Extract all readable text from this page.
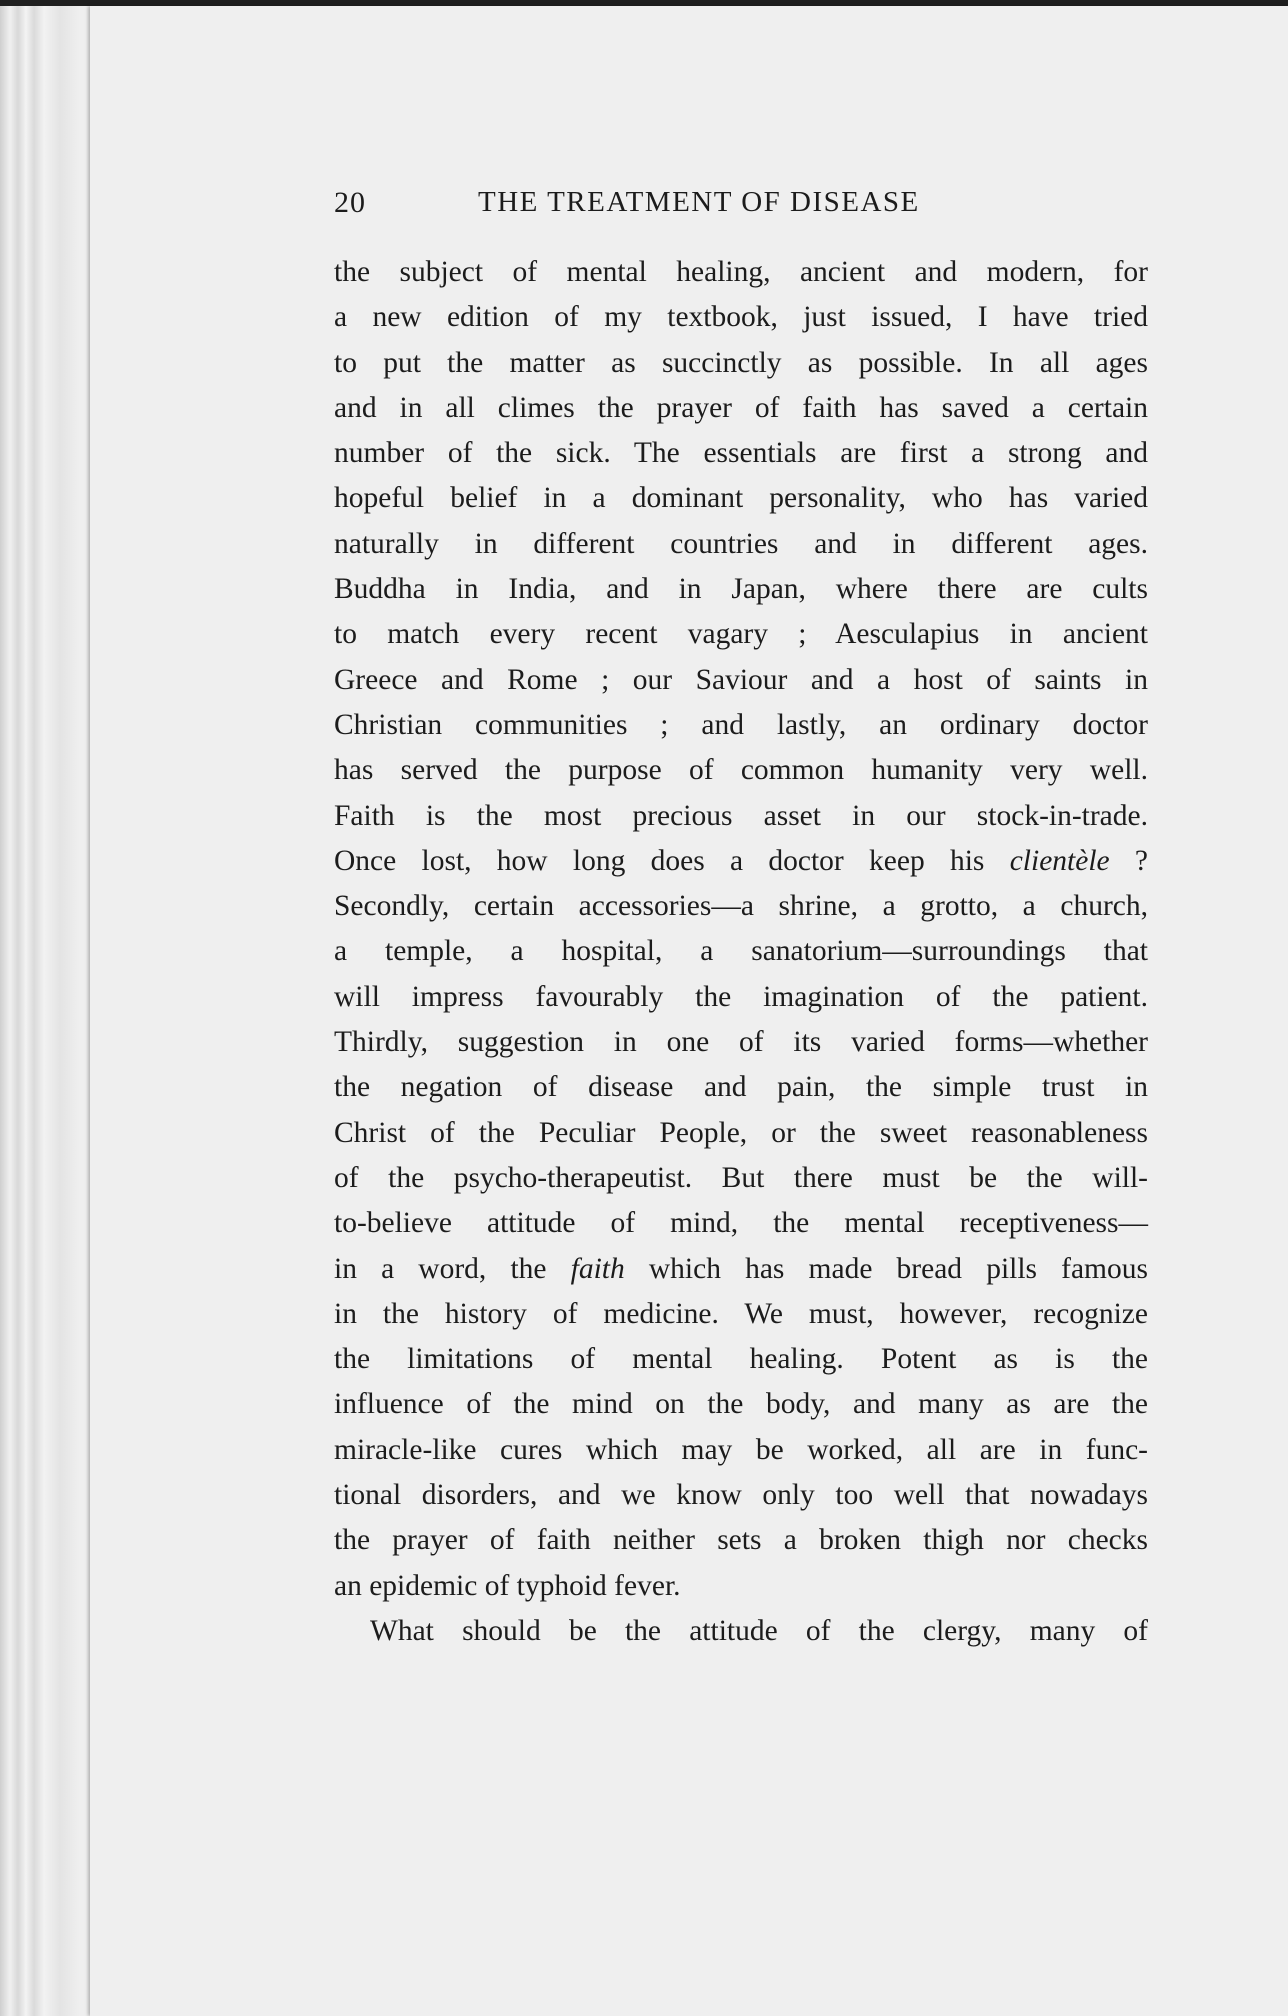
20	THE TREATMENT OF DISEASE
the subject of mental healing, ancient and modern, for
a new edition of my textbook, just issued, I have tried
to put the matter as succinctly as possible. In all ages
and in all climes the prayer of faith has saved a certain
number of the sick. The essentials are first a strong and
hopeful belief in a dominant personality, who has varied
naturally in different countries and in different ages.
Buddha in India, and in Japan, where there are cults
to match every recent vagary ; Aesculapius in ancient
Greece and Rome ; our Saviour and a host of saints in
Christian communities ; and lastly, an ordinary doctor
has served the purpose of common humanity very well.
Faith is the most precious asset in our stock-in-trade.
Once lost, how long does a doctor keep his clientèle ?
Secondly, certain accessories—a shrine, a grotto, a church,
a temple, a hospital, a sanatorium—surroundings that
will impress favourably the imagination of the patient.
Thirdly, suggestion in one of its varied forms—whether
the negation of disease and pain, the simple trust in
Christ of the Peculiar People, or the sweet reasonableness
of the psycho-therapeutist. But there must be the will-
to-believe attitude of mind, the mental receptiveness—
in a word, the faith which has made bread pills famous
in the history of medicine. We must, however, recognize
the limitations of mental healing. Potent as is the
influence of the mind on the body, and many as are the
miracle-like cures which may be worked, all are in func-
tional disorders, and we know only too well that nowadays
the prayer of faith neither sets a broken thigh nor checks
an epidemic of typhoid fever.
What should be the attitude of the clergy, many of
